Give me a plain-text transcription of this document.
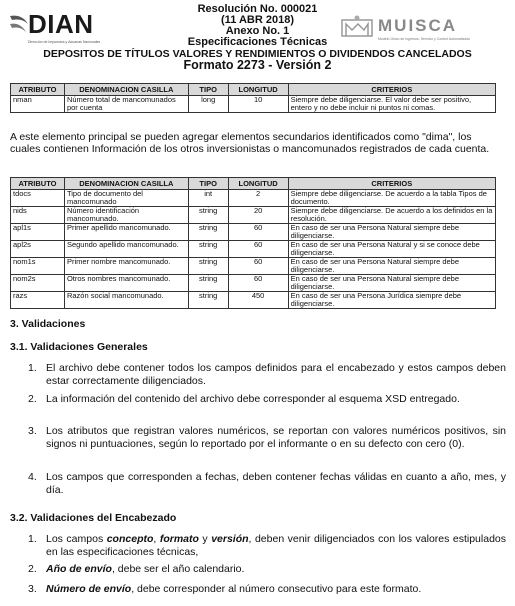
DIAN
Dirección de Impuestos y Aduanas Nacionales
MUISCA
Modelo Único de Ingresos, Servicio y Control Automatizado
Resolución No. 000021
(11 ABR 2018)
Anexo No. 1
Especificaciones Técnicas
DEPOSITOS DE TÍTULOS VALORES Y RENDIMIENTOS O DIVIDENDOS CANCELADOS
Formato 2273 - Versión 2
ATRIBUTO	DENOMINACION CASILLA	TIPO	LONGITUD	CRITERIOS
nman	Número total de mancomunados por cuenta	long	10	Siempre debe diligenciarse. El valor debe ser positivo, entero y no debe incluir ni puntos ni comas.
A este elemento principal se pueden agregar elementos secundarios identificados como "dima", los cuales contienen Información de los otros inversionistas o mancomunados registrados de cada cuenta.
ATRIBUTO	DENOMINACION CASILLA	TIPO	LONGITUD	CRITERIOS
tdocs	Tipo de documento del mancomunado	int	2	Siempre debe diligenciarse. De acuerdo a la tabla Tipos de documento.
nids	Número identificación mancomunado.	string	20	Siempre debe diligenciarse. De acuerdo a los definidos en la resolución.
apl1s	Primer apellido mancomunado.	string	60	En caso de ser una Persona Natural siempre debe diligenciarse.
apl2s	Segundo apellido mancomunado.	string	60	En caso de ser una Persona Natural y si se conoce debe diligenciarse.
nom1s	Primer nombre mancomunado.	string	60	En caso de ser una Persona Natural siempre debe diligenciarse.
nom2s	Otros nombres mancomunado.	string	60	En caso de ser una Persona Natural siempre debe diligenciarse.
razs	Razón social mancomunado.	string	450	En caso de ser una Persona Jurídica siempre debe diligenciarse.
3. Validaciones
3.1. Validaciones Generales
1. El archivo debe contener todos los campos definidos para el encabezado y estos campos deben estar correctamente diligenciados.
2. La información del contenido del archivo debe corresponder al esquema XSD entregado.
3. Los atributos que registran valores numéricos, se reportan con valores numéricos positivos, sin signos ni puntuaciones, según lo reportado por el informante o en su defecto con cero (0).
4. Los campos que corresponden a fechas, deben contener fechas válidas en cuanto a año, mes, y día.
3.2. Validaciones del Encabezado
1. Los campos concepto, formato y versión, deben venir diligenciados con los valores estipulados en las especificaciones técnicas,
2. Año de envío, debe ser el año calendario.
3. Número de envío, debe corresponder al número consecutivo para este formato.
